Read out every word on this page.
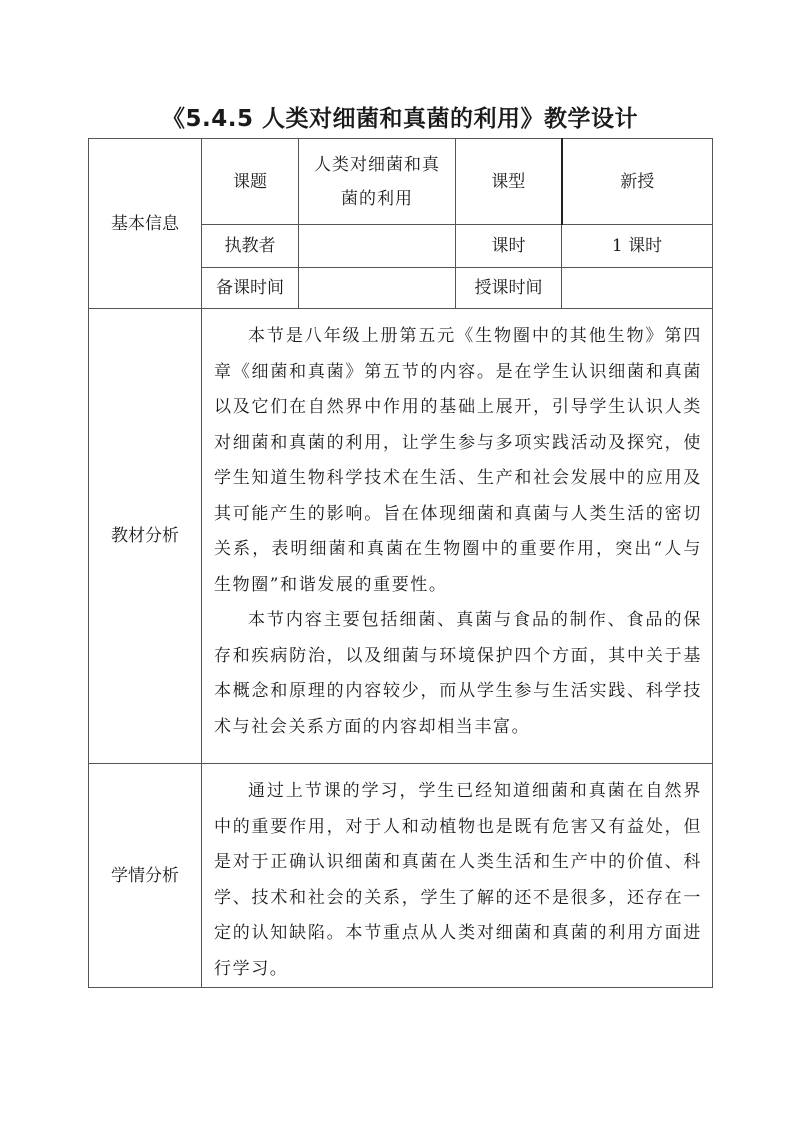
《5.4.5 人类对细菌和真菌的利用》教学设计
基本信息	课题	人类对细菌和真菌的利用	课型	新授
	执教者		课时	1 课时
	备课时间		授课时间	
教材分析	本节是八年级上册第五元《生物圈中的其他生物》第四章《细菌和真菌》第五节的内容。是在学生认识细菌和真菌以及它们在自然界中作用的基础上展开，引导学生认识人类对细菌和真菌的利用，让学生参与多项实践活动及探究，使学生知道生物科学技术在生活、生产和社会发展中的应用及其可能产生的影响。旨在体现细菌和真菌与人类生活的密切关系，表明细菌和真菌在生物圈中的重要作用，突出“人与生物圈”和谐发展的重要性。

本节内容主要包括细菌、真菌与食品的制作、食品的保存和疾病防治，以及细菌与环境保护四个方面，其中关于基本概念和原理的内容较少，而从学生参与生活实践、科学技术与社会关系方面的内容却相当丰富。			

学情分析	通过上节课的学习，学生已经知道细菌和真菌在自然界中的重要作用，对于人和动植物也是既有危害又有益处，但是对于正确认识细菌和真菌在人类生活和生产中的价值、科学、技术和社会的关系，学生了解的还不是很多，还存在一定的认知缺陷。本节重点从人类对细菌和真菌的利用方面进行学习。			
